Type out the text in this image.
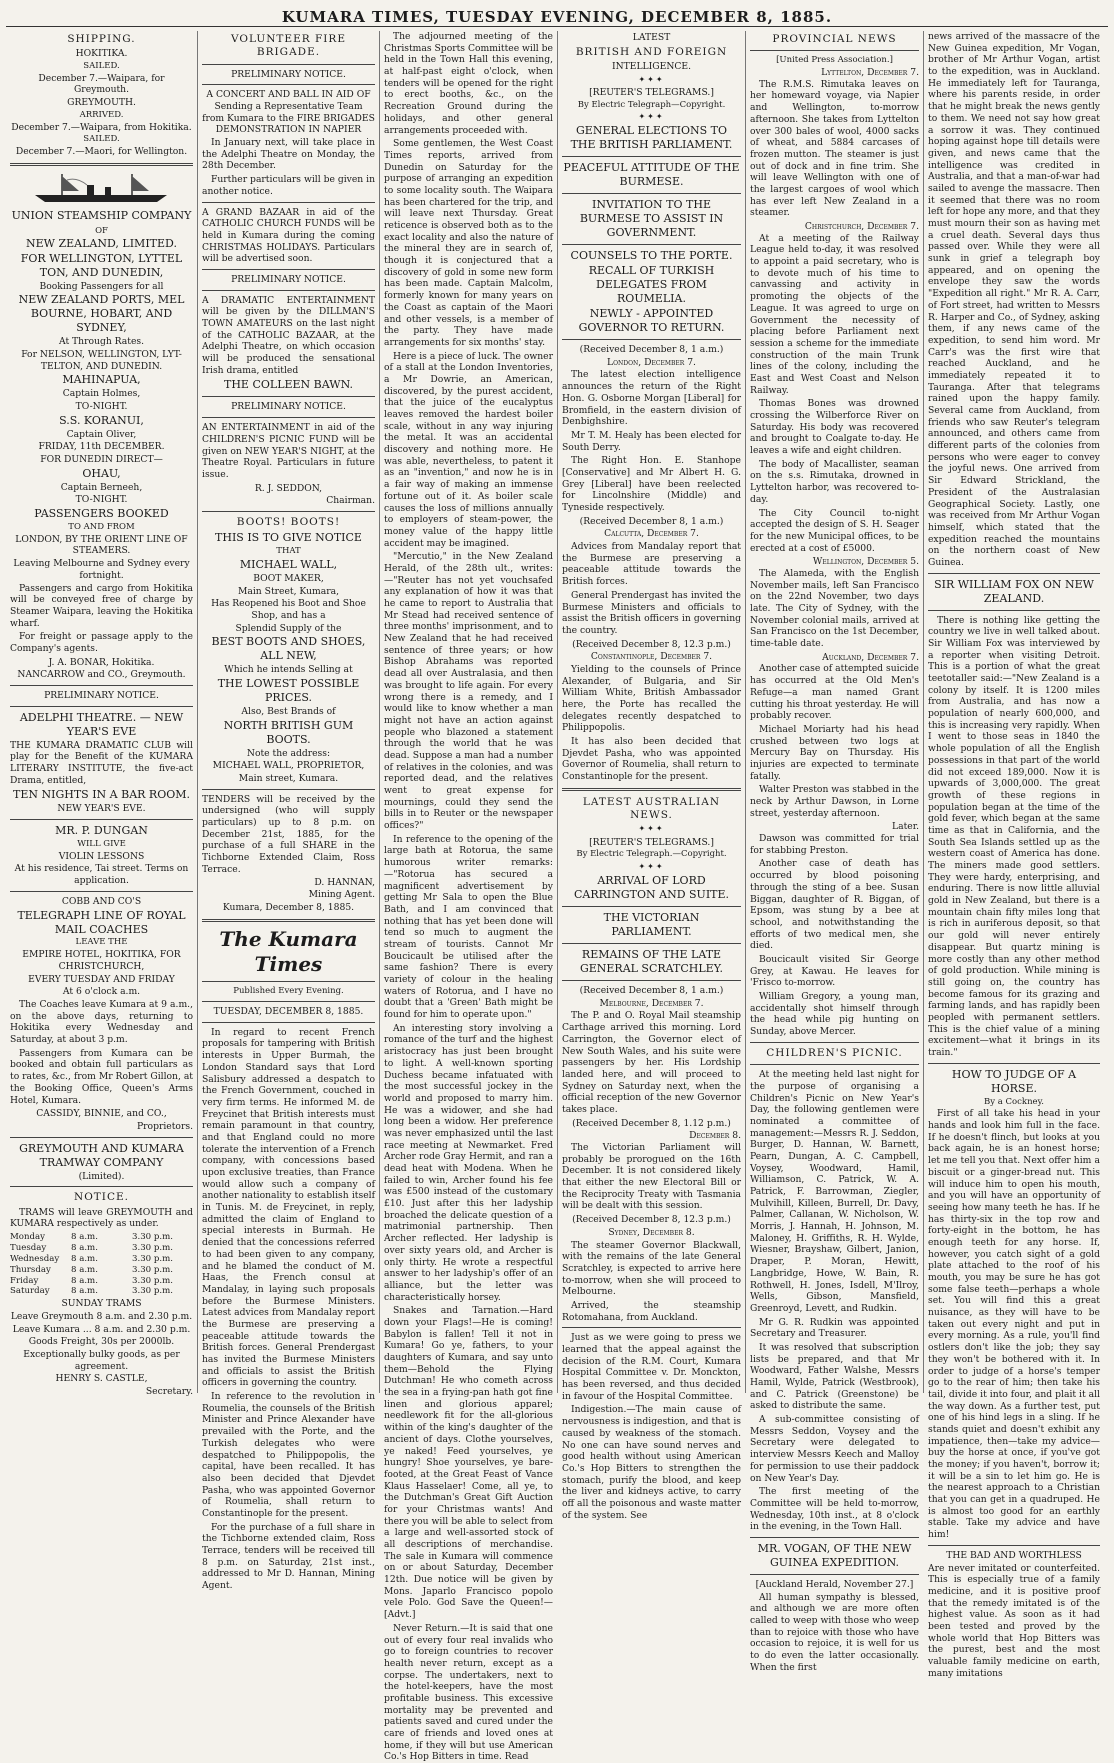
KUMARA TIMES, TUESDAY EVENING, DECEMBER 8, 1885.
SHIPPING.
HOKITIKA.
SAILED.
December 7.—Waipara, for Greymouth.
GREYMOUTH.
ARRIVED.
December 7.—Waipara, from Hokitika.
SAILED.
December 7.—Maori, for Wellington.
UNION STEAMSHIP COMPANY
OF
NEW ZEALAND, LIMITED.
FOR WELLINGTON, LYTTEL TON, AND DUNEDIN,
Booking Passengers for all
NEW ZEALAND PORTS, MEL BOURNE, HOBART, AND SYDNEY,
At Through Rates.
For NELSON, WELLINGTON, LYT- TELTON, AND DUNEDIN.
MAHINAPUA,
Captain Holmes,
TO-NIGHT.
S.S. KORANUI,
Captain Oliver,
FRIDAY, 11th DECEMBER.
FOR DUNEDIN DIRECT—
OHAU,
Captain Berneeh,
TO-NIGHT.
PASSENGERS BOOKED
TO AND FROM
LONDON, BY THE ORIENT LINE OF STEAMERS.
Leaving Melbourne and Sydney every fortnight.

Passengers and cargo from Hokitika will be conveyed free of charge by Steamer Waipara, leaving the Hokitika wharf.

For freight or passage apply to the Company's agents.

J. A. BONAR, Hokitika.
NANCARROW and CO., Greymouth.
PRELIMINARY NOTICE.
ADELPHI THEATRE. — NEW YEAR'S EVE

THE KUMARA DRAMATIC CLUB will play for the Benefit of the KUMARA LITERARY INSTITUTE, the five-act Drama, entitled,

TEN NIGHTS IN A BAR ROOM.
NEW YEAR'S EVE.
MR. P. DUNGAN
WILL GIVE
VIOLIN LESSONS
At his residence, Tai street. Terms on application.
COBB AND CO'S
TELEGRAPH LINE OF ROYAL MAIL COACHES
LEAVE THE
EMPIRE HOTEL, HOKITIKA, FOR CHRISTCHURCH,
EVERY TUESDAY AND FRIDAY
At 6 o'clock a.m.

The Coaches leave Kumara at 9 a.m., on the above days, returning to Hokitika every Wednesday and Saturday, at about 3 p.m.

Passengers from Kumara can be booked and obtain full particulars as to rates, &c., from Mr Robert Gillon, at the Booking Office, Queen's Arms Hotel, Kumara.

CASSIDY, BINNIE, and CO.,
Proprietors.
GREYMOUTH AND KUMARA TRAMWAY COMPANY
(Limited).
NOTICE.

TRAMS will leave GREYMOUTH and KUMARA respectively as under.

Monday	8 a.m.	3.30 p.m.
Tuesday	8 a.m.	3.30 p.m.
Wednesday	8 a.m.	3.30 p.m.
Thursday	8 a.m.	3.30 p.m.
Friday	8 a.m.	3.30 p.m.
Saturday	8 a.m.	3.30 p.m.
SUNDAY TRAMS
Leave Greymouth 8 a.m. and 2.30 p.m.
Leave Kumara ... 8 a.m. and 2.30 p.m.
Goods Freight, 30s per 2000lb.
Exceptionally bulky goods, as per agreement.
HENRY S. CASTLE,
Secretary.
VOLUNTEER FIRE BRIGADE.
PRELIMINARY NOTICE.
A CONCERT AND BALL IN AID OF Sending a Representative Team from Kumara to the FIRE BRIGADES DEMONSTRATION IN NAPIER

In January next, will take place in the Adelphi Theatre on Monday, the 28th December.

Further particulars will be given in another notice.

A GRAND BAZAAR in aid of the CATHOLIC CHURCH FUNDS will be held in Kumara during the coming CHRISTMAS HOLIDAYS. Particulars will be advertised soon.

PRELIMINARY NOTICE.

A DRAMATIC ENTERTAINMENT will be given by the DILLMAN'S TOWN AMATEURS on the last night of the CATHOLIC BAZAAR, at the Adelphi Theatre, on which occasion will be produced the sensational Irish drama, entitled

THE COLLEEN BAWN.
PRELIMINARY NOTICE.

AN ENTERTAINMENT in aid of the CHILDREN'S PICNIC FUND will be given on NEW YEAR'S NIGHT, at the Theatre Royal. Particulars in future issue.

R. J. SEDDON,
Chairman.
BOOTS! BOOTS!
THIS IS TO GIVE NOTICE
THAT
MICHAEL WALL,
BOOT MAKER,
Main Street, Kumara,
Has Reopened his Boot and Shoe Shop, and has a
Splendid Supply of the
BEST BOOTS AND SHOES, ALL NEW,
Which he intends Selling at
THE LOWEST POSSIBLE PRICES.
Also, Best Brands of
NORTH BRITISH GUM BOOTS.
Note the address:
MICHAEL WALL, PROPRIETOR,
Main street, Kumara.

TENDERS will be received by the undersigned (who will supply particulars) up to 8 p.m. on December 21st, 1885, for the purchase of a full SHARE in the Tichborne Extended Claim, Ross Terrace.

D. HANNAN,
Mining Agent.
Kumara, December 8, 1885.
The Kumara Times
Published Every Evening.
TUESDAY, DECEMBER 8, 1885.

In regard to recent French proposals for tampering with British interests in Upper Burmah, the London Standard says that Lord Salisbury addressed a despatch to the French Government, couched in very firm terms. He informed M. de Freycinet that British interests must remain paramount in that country, and that England could no more tolerate the intervention of a French company, with concessions based upon exclusive treaties, than France would allow such a company of another nationality to establish itself in Tunis. M. de Freycinet, in reply, admitted the claim of England to special interests in Burmah. He denied that the concessions referred to had been given to any company, and he blamed the conduct of M. Haas, the French consul at Mandalay, in laying such proposals before the Burmese Ministers. Latest advices from Mandalay report the Burmese are preserving a peaceable attitude towards the British forces. General Prendergast has invited the Burmese Ministers and officials to assist the British officers in governing the country.

In reference to the revolution in Roumelia, the counsels of the British Minister and Prince Alexander have prevailed with the Porte, and the Turkish delegates who were despatched to Philippopolis, the capital, have been recalled. It has also been decided that Djevdet Pasha, who was appointed Governor of Roumelia, shall return to Constantinople for the present.

For the purchase of a full share in the Tichborne extended claim, Ross Terrace, tenders will be received till 8 p.m. on Saturday, 21st inst., addressed to Mr D. Hannan, Mining Agent.

The adjourned meeting of the Christmas Sports Committee will be held in the Town Hall this evening, at half-past eight o'clock, when tenders will be opened for the right to erect booths, &c., on the Recreation Ground during the holidays, and other general arrangements proceeded with.

Some gentlemen, the West Coast Times reports, arrived from Dunedin on Saturday for the purpose of arranging an expedition to some locality south. The Waipara has been chartered for the trip, and will leave next Thursday. Great reticence is observed both as to the exact locality and also the nature of the mineral they are in search of, though it is conjectured that a discovery of gold in some new form has been made. Captain Malcolm, formerly known for many years on the Coast as captain of the Maori and other vessels, is a member of the party. They have made arrangements for six months' stay.

Here is a piece of luck. The owner of a stall at the London Inventories, a Mr Dowrie, an American, discovered, by the purest accident, that the juice of the eucalyptus leaves removed the hardest boiler scale, without in any way injuring the metal. It was an accidental discovery and nothing more. He was able, nevertheless, to patent it as an "invention," and now he is in a fair way of making an immense fortune out of it. As boiler scale causes the loss of millions annually to employers of steam-power, the money value of the happy little accident may be imagined.

"Mercutio," in the New Zealand Herald, of the 28th ult., writes:—"Reuter has not yet vouchsafed any explanation of how it was that he came to report to Australia that Mr Stead had received sentence of three months' imprisonment, and to New Zealand that he had received sentence of three years; or how Bishop Abrahams was reported dead all over Australasia, and then was brought to life again. For every wrong there is a remedy, and I would like to know whether a man might not have an action against people who blazoned a statement through the world that he was dead. Suppose a man had a number of relatives in the colonies, and was reported dead, and the relatives went to great expense for mournings, could they send the bills in to Reuter or the newspaper offices?"

In reference to the opening of the large bath at Rotorua, the same humorous writer remarks:—"Rotorua has secured a magnificent advertisement by getting Mr Sala to open the Blue Bath, and I am convinced that nothing that has yet been done will tend so much to augment the stream of tourists. Cannot Mr Boucicault be utilised after the same fashion? There is every variety of colour in the healing waters of Rotorua, and I have no doubt that a 'Green' Bath might be found for him to operate upon."

An interesting story involving a romance of the turf and the highest aristocracy has just been brought to light. A well-known sporting Duchess became infatuated with the most successful jockey in the world and proposed to marry him. He was a widower, and she had long been a widow. Her preference was never emphasized until the last race meeting at Newmarket. Fred Archer rode Gray Hermit, and ran a dead heat with Modena. When he failed to win, Archer found his fee was £500 instead of the customary £10. Just after this her ladyship broached the delicate question of a matrimonial partnership. Then Archer reflected. Her ladyship is over sixty years old, and Archer is only thirty. He wrote a respectful answer to her ladyship's offer of an alliance, but the letter was characteristically horsey.

Snakes and Tarnation.—Hard down your Flags!—He is coming! Babylon is fallen! Tell it not in Kumara! Go ye, fathers, to your daughters of Kumara, and say unto them—Behold the Flying Dutchman! He who cometh across the sea in a frying-pan hath got fine linen and glorious apparel; needlework fit for the all-glorious within of the king's daughter of the ancient of days. Clothe yourselves, ye naked! Feed yourselves, ye hungry! Shoe yourselves, ye bare-footed, at the Great Feast of Vance Klaus Hasselaer! Come, all ye, to the Dutchman's Great Gift Auction for your Christmas wants! And there you will be able to select from a large and well-assorted stock of all descriptions of merchandise. The sale in Kumara will commence on or about Saturday, December 12th. Due notice will be given by Mons. Japarlo Francisco popolo vele Polo. God Save the Queen!—[Advt.]

Never Return.—It is said that one out of every four real invalids who go to foreign countries to recover health never return, except as a corpse. The undertakers, next to the hotel-keepers, have the most profitable business. This excessive mortality may be prevented and patients saved and cured under the care of friends and loved ones at home, if they will but use American Co.'s Hop Bitters in time. Read

LATEST
BRITISH AND FOREIGN
INTELLIGENCE.
✦✦✦
[REUTER'S TELEGRAMS.]
By Electric Telegraph—Copyright.
✦✦✦
GENERAL ELECTIONS TO THE BRITISH PARLIAMENT.
PEACEFUL ATTITUDE OF THE BURMESE.
INVITATION TO THE BURMESE TO ASSIST IN GOVERNMENT.
COUNSELS TO THE PORTE.
RECALL OF TURKISH DELEGATES FROM ROUMELIA.
NEWLY - APPOINTED GOVERNOR TO RETURN.
(Received December 8, 1 a.m.)
London, December 7.

The latest election intelligence announces the return of the Right Hon. G. Osborne Morgan [Liberal] for Bromfield, in the eastern division of Denbighshire.

Mr T. M. Healy has been elected for South Derry.

The Right Hon. E. Stanhope [Conservative] and Mr Albert H. G. Grey [Liberal] have been reelected for Lincolnshire (Middle) and Tyneside respectively.

(Received December 8, 1 a.m.)
Calcutta, December 7.

Advices from Mandalay report that the Burmese are preserving a peaceable attitude towards the British forces.

General Prendergast has invited the Burmese Ministers and officials to assist the British officers in governing the country.

(Received December 8, 12.3 p.m.)
Constantinople, December 7.

Yielding to the counsels of Prince Alexander, of Bulgaria, and Sir William White, British Ambassador here, the Porte has recalled the delegates recently despatched to Philippopolis.

It has also been decided that Djevdet Pasha, who was appointed Governor of Roumelia, shall return to Constantinople for the present.

LATEST AUSTRALIAN NEWS.
✦✦✦
[REUTER'S TELEGRAMS.]
By Electric Telegraph.—Copyright.
✦✦✦
ARRIVAL OF LORD CARRINGTON AND SUITE.
THE VICTORIAN PARLIAMENT.
REMAINS OF THE LATE GENERAL SCRATCHLEY.
(Received December 8, 1 a.m.)
Melbourne, December 7.

The P. and O. Royal Mail steamship Carthage arrived this morning. Lord Carrington, the Governor elect of New South Wales, and his suite were passengers by her. His Lordship landed here, and will proceed to Sydney on Saturday next, when the official reception of the new Governor takes place.

(Received December 8, 1.12 p.m.)
December 8.

The Victorian Parliament will probably be prorogued on the 16th December. It is not considered likely that either the new Electoral Bill or the Reciprocity Treaty with Tasmania will be dealt with this session.

(Received December 8, 12.3 p.m.)
Sydney, December 8.

The steamer Governor Blackwall, with the remains of the late General Scratchley, is expected to arrive here to-morrow, when she will proceed to Melbourne.

Arrived, the steamship Rotomahana, from Auckland.

Just as we were going to press we learned that the appeal against the decision of the R.M. Court, Kumara Hospital Committee v. Dr. Monckton, has been reversed, and thus decided in favour of the Hospital Committee.

Indigestion.—The main cause of nervousness is indigestion, and that is caused by weakness of the stomach. No one can have sound nerves and good health without using American Co.'s Hop Bitters to strengthen the stomach, purify the blood, and keep the liver and kidneys active, to carry off all the poisonous and waste matter of the system. See

PROVINCIAL NEWS
[United Press Association.]
Lyttelton, December 7.

The R.M.S. Rimutaka leaves on her homeward voyage, via Napier and Wellington, to-morrow afternoon. She takes from Lyttelton over 300 bales of wool, 4000 sacks of wheat, and 5884 carcases of frozen mutton. The steamer is just out of dock and in fine trim. She will leave Wellington with one of the largest cargoes of wool which has ever left New Zealand in a steamer.

Christchurch, December 7.

At a meeting of the Railway League held to-day, it was resolved to appoint a paid secretary, who is to devote much of his time to canvassing and activity in promoting the objects of the League. It was agreed to urge on Government the necessity of placing before Parliament next session a scheme for the immediate construction of the main Trunk lines of the colony, including the East and West Coast and Nelson Railway.

Thomas Bones was drowned crossing the Wilberforce River on Saturday. His body was recovered and brought to Coalgate to-day. He leaves a wife and eight children.

The body of Macallister, seaman on the s.s. Rimutaka, drowned in Lyttelton harbor, was recovered to-day.

The City Council to-night accepted the design of S. H. Seager for the new Municipal offices, to be erected at a cost of £5000.

Wellington, December 5.

The Alameda, with the English November mails, left San Francisco on the 22nd November, two days late. The City of Sydney, with the November colonial mails, arrived at San Francisco on the 1st December, time-table date.

Auckland, December 7.

Another case of attempted suicide has occurred at the Old Men's Refuge—a man named Grant cutting his throat yesterday. He will probably recover.

Michael Moriarty had his head crushed between two logs at Mercury Bay on Thursday. His injuries are expected to terminate fatally.

Walter Preston was stabbed in the neck by Arthur Dawson, in Lorne street, yesterday afternoon.

Later.

Dawson was committed for trial for stabbing Preston.

Another case of death has occurred by blood poisoning through the sting of a bee. Susan Biggan, daughter of R. Biggan, of Epsom, was stung by a bee at school, and notwithstanding the efforts of two medical men, she died.

Boucicault visited Sir George Grey, at Kawau. He leaves for 'Frisco to-morrow.

William Gregory, a young man, accidentally shot himself through the head while pig hunting on Sunday, above Mercer.

CHILDREN'S PICNIC.

At the meeting held last night for the purpose of organising a Children's Picnic on New Year's Day, the following gentlemen were nominated a committee of management:—Messrs R. J. Seddon, Burger, D. Hannan, W. Barnett, Pearn, Dungan, A. C. Campbell, Voysey, Woodward, Hamil, Williamson, C. Patrick, W. A. Patrick, F. Barrowman, Ziegler, Mulvihill, Killeen, Burrell, Dr. Davy, Palmer, Callanan, W. Nicholson, W. Morris, J. Hannah, H. Johnson, M. Maloney, H. Griffiths, R. H. Wylde, Wiesner, Brayshaw, Gilbert, Janion, Draper, P. Moran, Hewitt, Langbridge, Howe, W. Bain, R. Rothwell, H. Jones, Isdell, M'Ilroy, Wells, Gibson, Mansfield, Greenroyd, Levett, and Rudkin.

Mr G. R. Rudkin was appointed Secretary and Treasurer.

It was resolved that subscription lists be prepared, and that Mr Woodward, Father Walshe, Messrs Hamil, Wylde, Patrick (Westbrook), and C. Patrick (Greenstone) be asked to distribute the same.

A sub-committee consisting of Messrs Seddon, Voysey and the Secretary were delegated to interview Messrs Keech and Malloy for permission to use their paddock on New Year's Day.

The first meeting of the Committee will be held to-morrow, Wednesday, 10th inst., at 8 o'clock in the evening, in the Town Hall.

MR. VOGAN, OF THE NEW GUINEA EXPEDITION.
[Auckland Herald, November 27.]

All human sympathy is blessed, and although we are more often called to weep with those who weep than to rejoice with those who have occasion to rejoice, it is well for us to do even the latter occasionally. When the first

news arrived of the massacre of the New Guinea expedition, Mr Vogan, brother of Mr Arthur Vogan, artist to the expedition, was in Auckland. He immediately left for Tauranga, where his parents reside, in order that he might break the news gently to them. We need not say how great a sorrow it was. They continued hoping against hope till details were given, and news came that the intelligence was credited in Australia, and that a man-of-war had sailed to avenge the massacre. Then it seemed that there was no room left for hope any more, and that they must mourn their son as having met a cruel death. Several days thus passed over. While they were all sunk in grief a telegraph boy appeared, and on opening the envelope they saw the words "Expedition all right." Mr R. A. Carr, of Fort street, had written to Messrs R. Harper and Co., of Sydney, asking them, if any news came of the expedition, to send him word. Mr Carr's was the first wire that reached Auckland, and he immediately repeated it to Tauranga. After that telegrams rained upon the happy family. Several came from Auckland, from friends who saw Reuter's telegram announced, and others came from different parts of the colonies from persons who were eager to convey the joyful news. One arrived from Sir Edward Strickland, the President of the Australasian Geographical Society. Lastly, one was received from Mr Arthur Vogan himself, which stated that the expedition reached the mountains on the northern coast of New Guinea.

SIR WILLIAM FOX ON NEW ZEALAND.

There is nothing like getting the country we live in well talked about. Sir William Fox was interviewed by a reporter when visiting Detroit. This is a portion of what the great teetotaller said:—"New Zealand is a colony by itself. It is 1200 miles from Australia, and has now a population of nearly 600,000, and this is increasing very rapidly. When I went to those seas in 1840 the whole population of all the English possessions in that part of the world did not exceed 189,000. Now it is upwards of 3,000,000. The great growth of these regions in population began at the time of the gold fever, which began at the same time as that in California, and the South Sea Islands settled up as the western coast of America has done. The miners made good settlers. They were hardy, enterprising, and enduring. There is now little alluvial gold in New Zealand, but there is a mountain chain fifty miles long that is rich in auriferous deposit, so that our gold will never entirely disappear. But quartz mining is more costly than any other method of gold production. While mining is still going on, the country has become famous for its grazing and farming lands, and has rapidly been peopled with permanent settlers. This is the chief value of a mining excitement—what it brings in its train."

HOW TO JUDGE OF A HORSE.
By a Cockney.

First of all take his head in your hands and look him full in the face. If he doesn't flinch, but looks at you back again, he is an honest horse; let me tell you that. Next offer him a biscuit or a ginger-bread nut. This will induce him to open his mouth, and you will have an opportunity of seeing how many teeth he has. If he has thirty-six in the top row and forty-eight in the bottom, he has enough teeth for any horse. If, however, you catch sight of a gold plate attached to the roof of his mouth, you may be sure he has got some false teeth—perhaps a whole set. You will find this a great nuisance, as they will have to be taken out every night and put in every morning. As a rule, you'll find ostlers don't like the job; they say they won't be bothered with it. In order to judge of a horse's temper go to the rear of him; then take his tail, divide it into four, and plait it all the way down. As a further test, put one of his hind legs in a sling. If he stands quiet and doesn't exhibit any impatience, then—take my advice—buy the horse at once, if you've got the money; if you haven't, borrow it; it will be a sin to let him go. He is the nearest approach to a Christian that you can get in a quadruped. He is almost too good for an earthly stable. Take my advice and have him!

THE BAD AND WORTHLESS

Are never imitated or counterfeited. This is especially true of a family medicine, and it is positive proof that the remedy imitated is of the highest value. As soon as it had been tested and proved by the whole world that Hop Bitters was the purest, best and the most valuable family medicine on earth, many imitations
